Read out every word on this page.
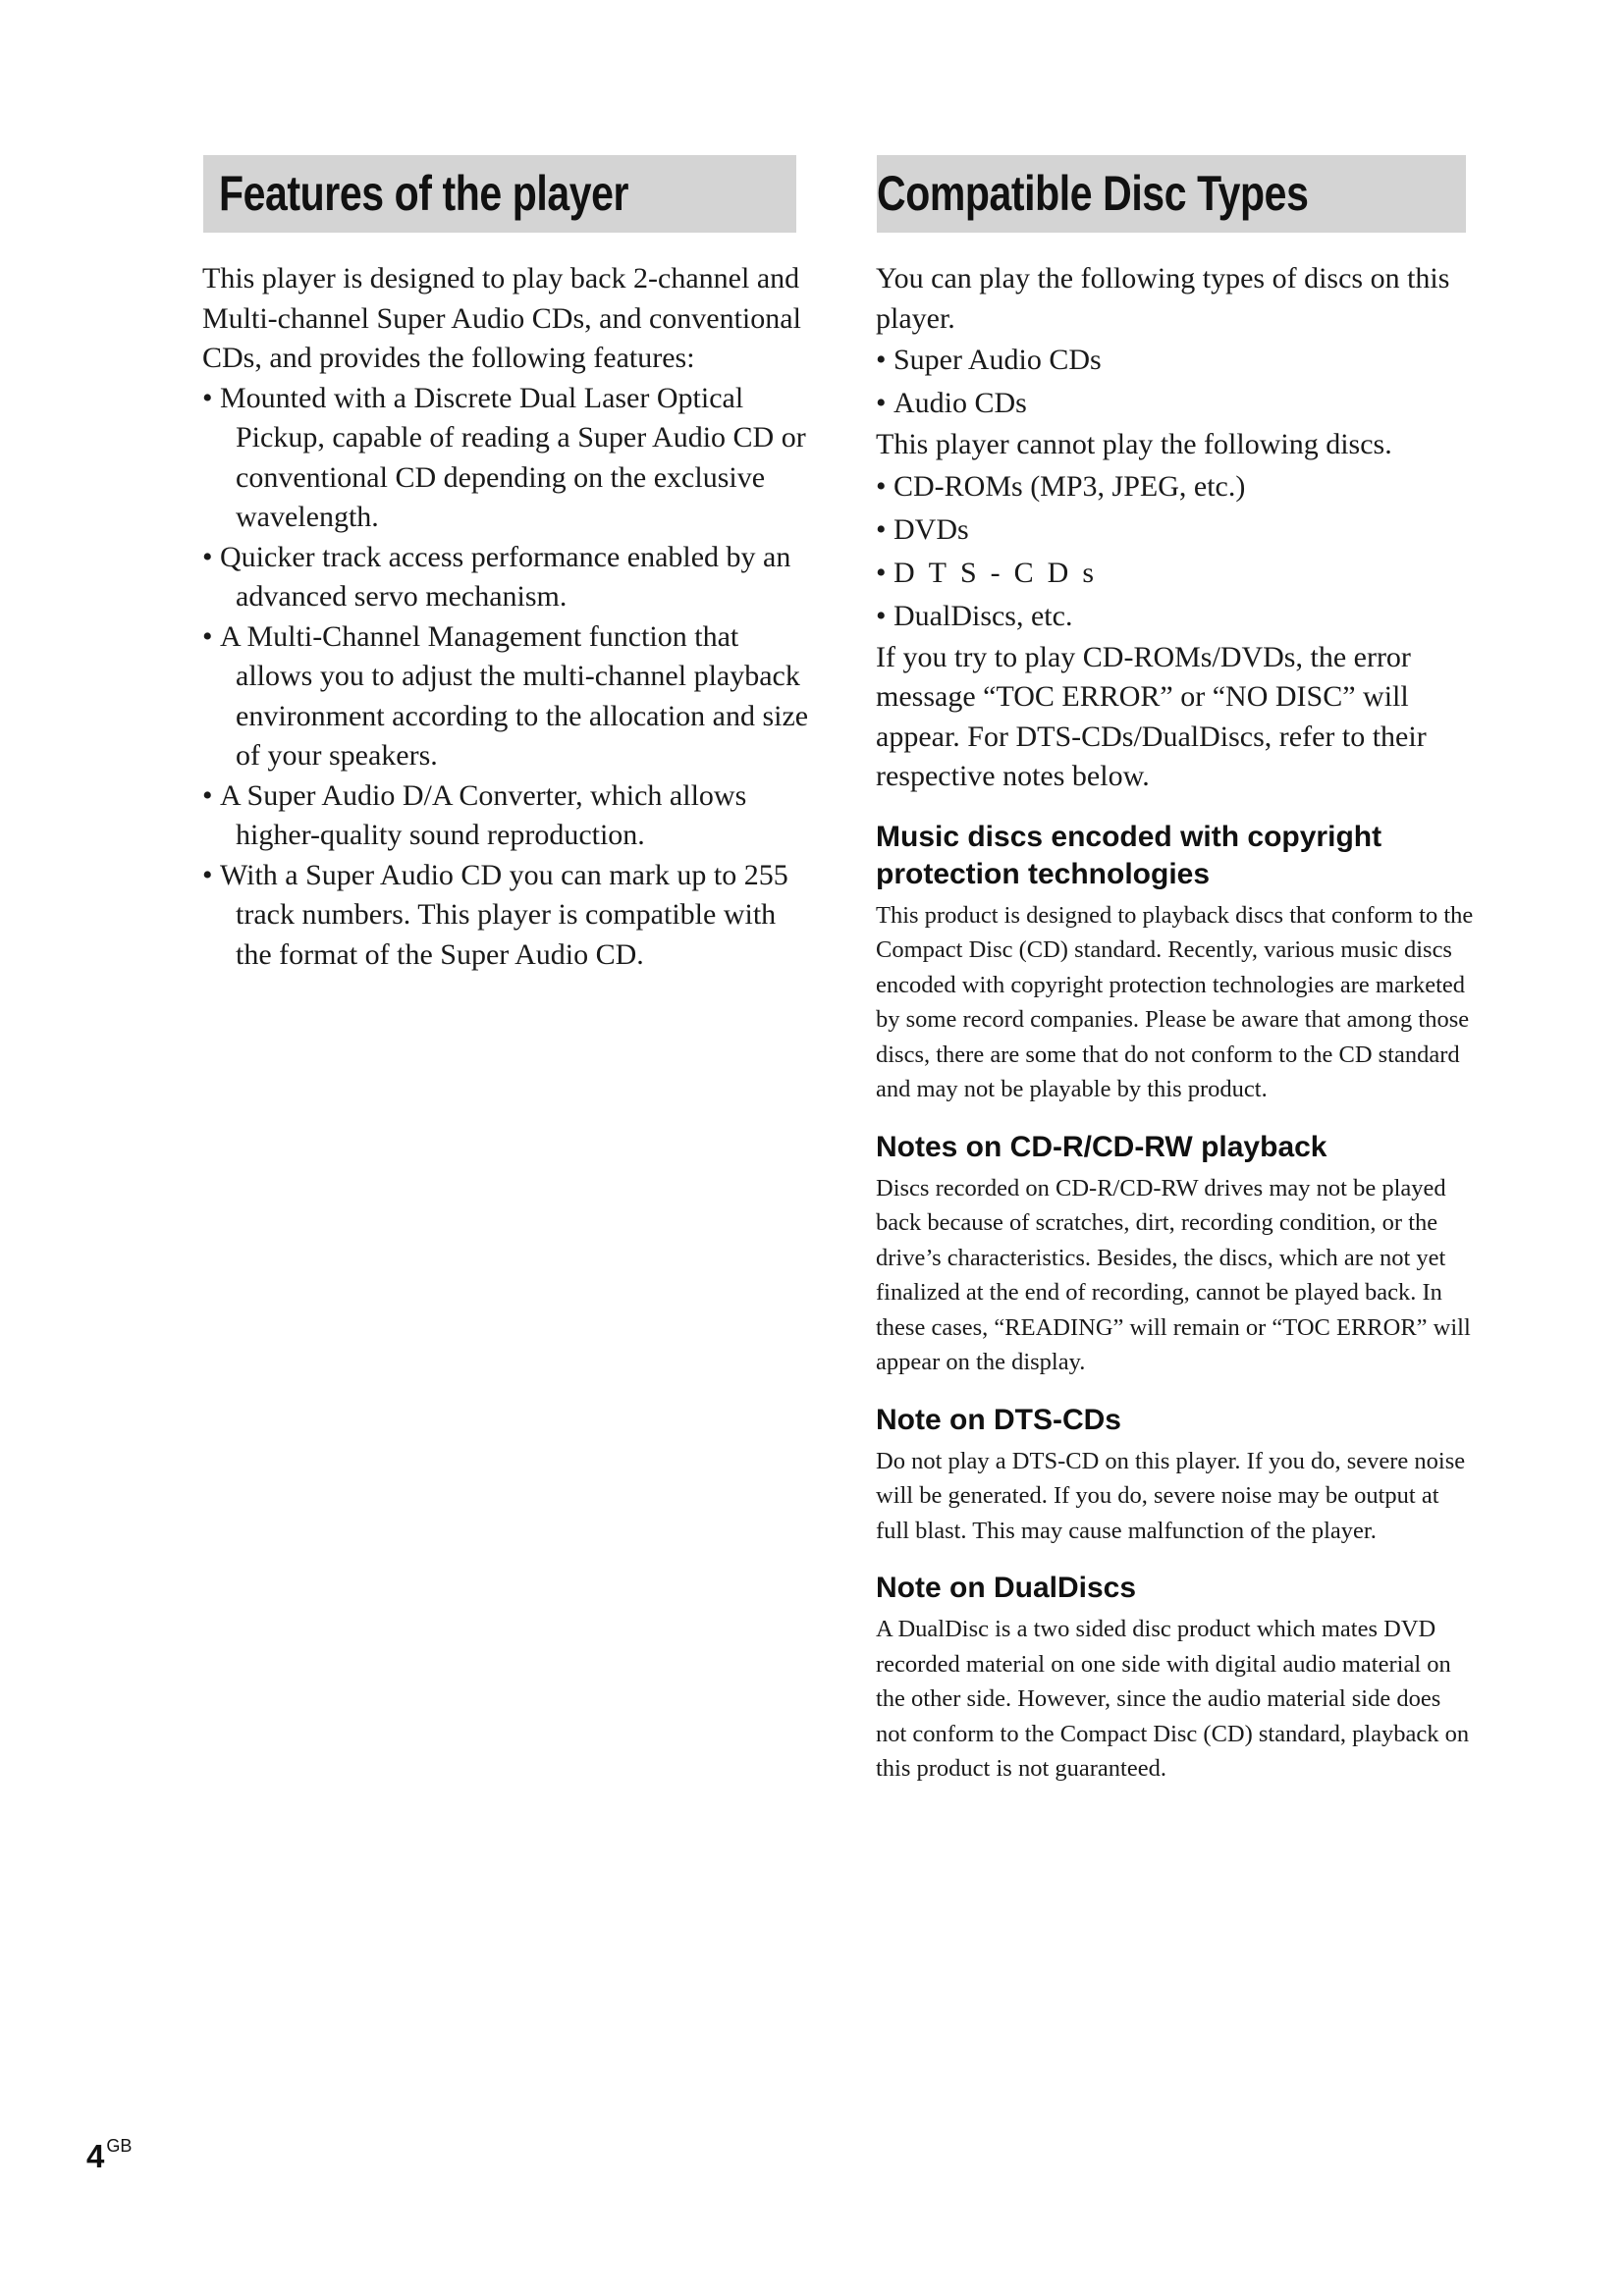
Features of the player	Compatible Disc Types

This player is designed to play back 2-channel and Multi-channel Super Audio CDs, and conventional CDs, and provides the following features:

• Mounted with a Discrete Dual Laser Optical Pickup, capable of reading a Super Audio CD or conventional CD depending on the exclusive wavelength.

• Quicker track access performance enabled by an advanced servo mechanism.

• A Multi-Channel Management function that allows you to adjust the multi-channel playback environment according to the allocation and size of your speakers.

• A Super Audio D/A Converter, which allows higher-quality sound reproduction.

• With a Super Audio CD you can mark up to 255 track numbers. This player is compatible with the format of the Super Audio CD.

You can play the following types of discs on this player.

• Super Audio CDs

• Audio CDs

This player cannot play the following discs.

• CD-ROMs (MP3, JPEG, etc.)

• DVDs

• DTS-CDs

• DualDiscs, etc.

If you try to play CD-ROMs/DVDs, the error message “TOC ERROR” or “NO DISC” will appear. For DTS-CDs/DualDiscs, refer to their respective notes below.

Music discs encoded with copyright protection technologies

This product is designed to playback discs that conform to the Compact Disc (CD) standard. Recently, various music discs encoded with copyright protection technologies are marketed by some record companies. Please be aware that among those discs, there are some that do not conform to the CD standard and may not be playable by this product.

Notes on CD-R/CD-RW playback

Discs recorded on CD-R/CD-RW drives may not be played back because of scratches, dirt, recording condition, or the drive’s characteristics. Besides, the discs, which are not yet finalized at the end of recording, cannot be played back. In these cases, “READING” will remain or “TOC ERROR” will appear on the display.

Note on DTS-CDs

Do not play a DTS-CD on this player. If you do, severe noise will be generated. If you do, severe noise may be output at full blast. This may cause malfunction of the player.

Note on DualDiscs

A DualDisc is a two sided disc product which mates DVD recorded material on one side with digital audio material on the other side. However, since the audio material side does not conform to the Compact Disc (CD) standard, playback on this product is not guaranteed.

4 $^{GB}$
